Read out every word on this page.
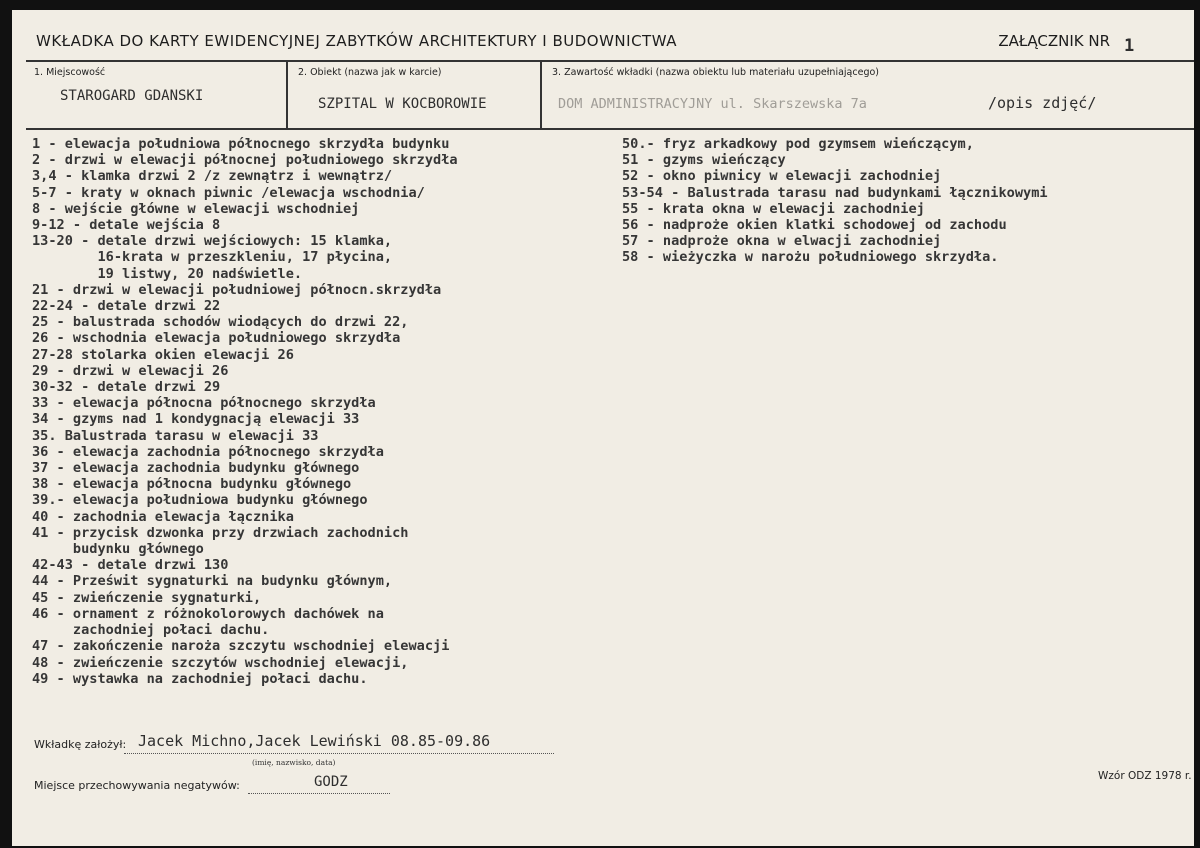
WKŁADKA DO KARTY EWIDENCYJNEJ ZABYTKÓW ARCHITEKTURY I BUDOWNICTWA	ZAŁĄCZNIK NR 1
1. Miejscowość
STAROGARD GDANSKI
2. Obiekt (nazwa jak w karcie)
SZPITAL W KOCBOROWIE
3. Zawartość wkładki (nazwa obiektu lub materiału uzupełniającego)
DOM ADMINISTRACYJNY ul. Skarszewska 7a	/opis zdjęć/
1 - elewacja południowa północnego skrzydła budynku
2 - drzwi w elewacji północnej południowego skrzydła
3,4 - klamka drzwi 2 /z zewnątrz i wewnątrz/
5-7 - kraty w oknach piwnic /elewacja wschodnia/
8 - wejście główne w elewacji wschodniej
9-12 - detale wejścia 8
13-20 - detale drzwi wejściowych: 15 klamka,
16-krata w przeszkleniu, 17 płycina,
19 listwy, 20 nadświetle.
21 - drzwi w elewacji południowej północn.skrzydła
22-24 - detale drzwi 22
25 - balustrada schodów wiodących do drzwi 22,
26 - wschodnia elewacja południowego skrzydła
27-28 stolarka okien elewacji 26
29 - drzwi w elewacji 26
30-32 - detale drzwi 29
33 - elewacja północna północnego skrzydła
34 - gzyms nad 1 kondygnacją elewacji 33
35. Balustrada tarasu w elewacji 33
36 - elewacja zachodnia północnego skrzydła
37 - elewacja zachodnia budynku głównego
38 - elewacja północna budynku głównego
39.- elewacja południowa budynku głównego
40 - zachodnia elewacja łącznika
41 - przycisk dzwonka przy drzwiach zachodnich
budynku głównego
42-43 - detale drzwi 130
44 - Prześwit sygnaturki na budynku głównym,
45 - zwieńczenie sygnaturki,
46 - ornament z różnokolorowych dachówek na
zachodniej połaci dachu.
47 - zakończenie naroża szczytu wschodniej elewacji
48 - zwieńczenie szczytów wschodniej elewacji,
49 - wystawka na zachodniej połaci dachu.
50.- fryz arkadkowy pod gzymsem wieńczącym,
51 - gzyms wieńczący
52 - okno piwnicy w elewacji zachodniej
53-54 - Balustrada tarasu nad budynkami łącznikowymi
55 - krata okna w elewacji zachodniej
56 - nadproże okien klatki schodowej od zachodu
57 - nadproże okna w elwacji zachodniej
58 - wieżyczka w narożu południowego skrzydła.
Wkładkę założył: Jacek Michno,Jacek Lewiński 08.85-09.86
(imię, nazwisko, data)
Miejsce przechowywania negatywów:	GODZ	Wzór ODZ 1978 r.
